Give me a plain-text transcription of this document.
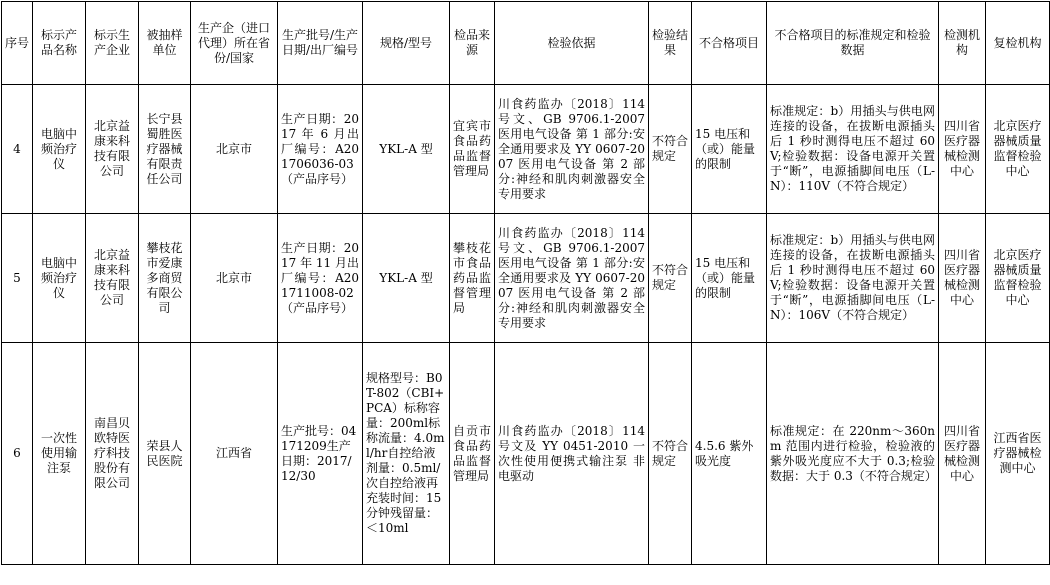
序号	标示产品名称	标示生产企业	被抽样单位	生产企（进口代理）所在省份/国家	生产批号/生产日期/出厂编号	规格/型号	检品来源	检验依据	检验结果	不合格项目	不合格项目的标准规定和检验数据	检测机构	复检机构
4	电脑中频治疗仪	北京益康来科技有限公司	长宁县蜀胜医疗器械有限责任公司	北京市	生产日期：2017 年 6 月出厂编号：A201706036-03（产品序号）	YKL-A 型	宜宾市食品药品监督管理局	川食药监办〔2018〕114 号文、GB 9706.1-2007 医用电气设备 第 1 部分:安全通用要求及 YY 0607-2007 医用电气设备 第 2 部分:神经和肌肉刺激器安全专用要求	不符合规定	15 电压和（或）能量的限制	标准规定：b）用插头与供电网连接的设备，在拔断电源插头后 1 秒时测得电压不超过 60V;检验数据：设备电源开关置于“断”，电源插脚间电压（L-N）：110V（不符合规定）	四川省医疗器械检测中心	北京医疗器械质量监督检验中心
5	电脑中频治疗仪	北京益康来科技有限公司	攀枝花市爱康多商贸有限公司	北京市	生产日期：2017 年 11 月出厂编号：A201711008-02（产品序号）	YKL-A 型	攀枝花市食品药品监督管理局	川食药监办〔2018〕114 号文、GB 9706.1-2007 医用电气设备 第 1 部分:安全通用要求及 YY 0607-2007 医用电气设备 第 2 部分:神经和肌肉刺激器安全专用要求	不符合规定	15 电压和（或）能量的限制	标准规定：b）用插头与供电网连接的设备，在拔断电源插头后 1 秒时测得电压不超过 60V;检验数据：设备电源开关置于“断”，电源插脚间电压（L-N）：106V（不符合规定）	四川省医疗器械检测中心	北京医疗器械质量监督检验中心
6	一次性使用输注泵	南昌贝欧特医疗科技股份有限公司	荣县人民医院	江西省	生产批号：04171209生产日期：2017/12/30	规格型号：B0T-802（CBI+PCA）标称容量：200ml标称流量：4.0ml/hr自控给液剂量：0.5ml/次自控给液再充装时间：15 分钟残留量：＜10ml	自贡市食品药品监督管理局	川食药监办〔2018〕114 号文及 YY 0451-2010 一次性使用便携式输注泵 非电驱动	不符合规定	4.5.6 紫外吸光度	标准规定：在 220nm～360nm 范围内进行检验，检验液的紫外吸光度应不大于 0.3;检验数据：大于 0.3（不符合规定）	四川省医疗器械检测中心	江西省医疗器械检测中心
